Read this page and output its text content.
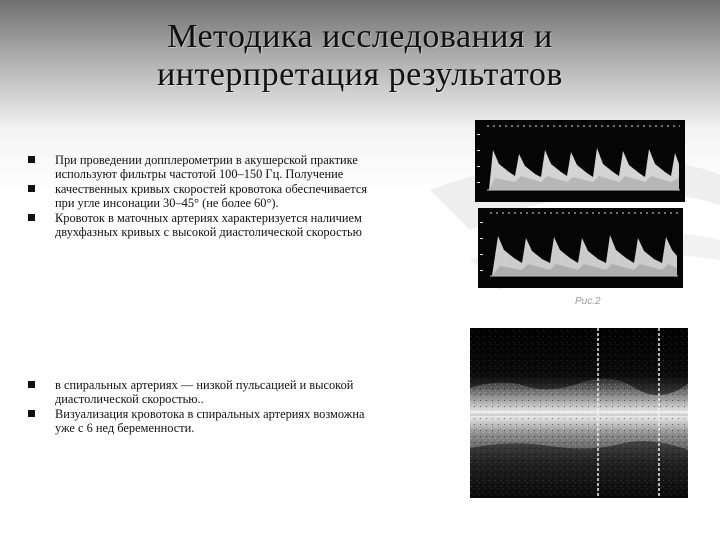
Методика исследования и
интерпретация результатов
При проведении допплерометрии в акушерской практике используют фильтры частотой 100–150 Гц. Получение
качественных кривых скоростей кровотока обеспечивается при угле инсонации 30–45° (не более 60°).
Кровоток в маточных артериях характеризуется наличием двухфазных кривых с высокой диастолической скоростью
в спиральных артериях — низкой пульсацией и высокой диастолической скоростью..
Визуализация кровотока в спиральных артериях возможна уже с 6 нед беременности.
Рис.2
